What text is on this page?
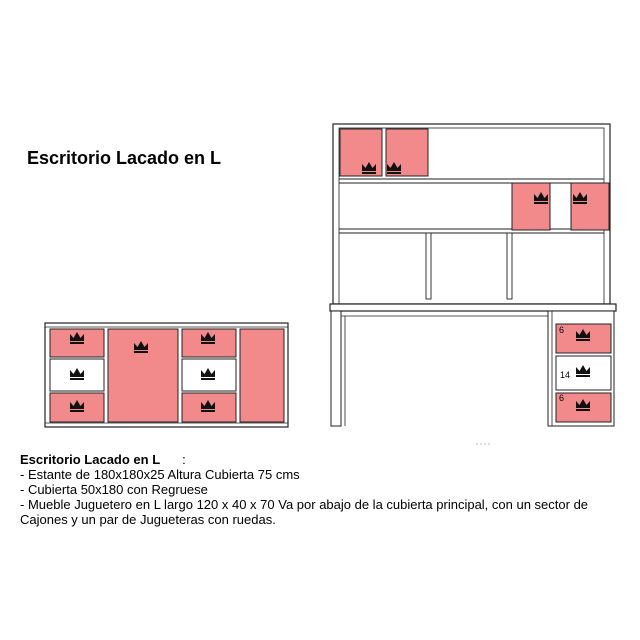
Escritorio Lacado en L
6
14
6
Escritorio Lacado en L :
- Estante de 180x180x25 Altura Cubierta 75 cms
- Cubierta 50x180 con Regruese
- Mueble Juguetero en L largo 120 x 40 x 70 Va por abajo de la cubierta principal, con un sector de Cajones y un par de Jugueteras con ruedas.
